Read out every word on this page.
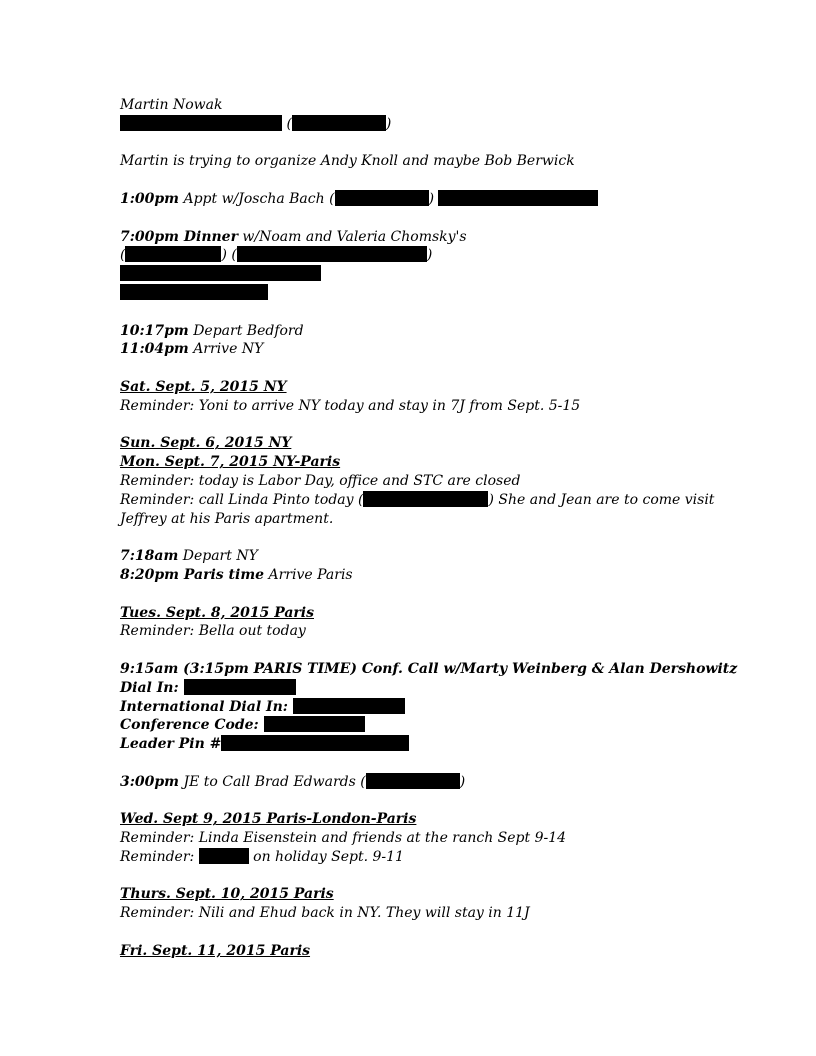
Martin Nowak
(	)
Martin is trying to organize Andy Knoll and maybe Bob Berwick
1:00pm Appt w/Joscha Bach (	)
7:00pm Dinner w/Noam and Valeria Chomsky's
(	) (	)
10:17pm Depart Bedford
11:04pm Arrive NY
Sat. Sept. 5, 2015 NY
Reminder: Yoni to arrive NY today and stay in 7J from Sept. 5-15
Sun. Sept. 6, 2015 NY
Mon. Sept. 7, 2015 NY-Paris
Reminder: today is Labor Day, office and STC are closed
Reminder: call Linda Pinto today (	) She and Jean are to come visit
Jeffrey at his Paris apartment.
7:18am Depart NY
8:20pm Paris time Arrive Paris
Tues. Sept. 8, 2015 Paris
Reminder: Bella out today
9:15am (3:15pm PARIS TIME) Conf. Call w/Marty Weinberg & Alan Dershowitz
Dial In:
International Dial In:
Conference Code:
Leader Pin #
3:00pm JE to Call Brad Edwards (	)
Wed. Sept 9, 2015 Paris-London-Paris
Reminder: Linda Eisenstein and friends at the ranch Sept 9-14
Reminder:	on holiday Sept. 9-11
Thurs. Sept. 10, 2015 Paris
Reminder: Nili and Ehud back in NY. They will stay in 11J
Fri. Sept. 11, 2015 Paris
